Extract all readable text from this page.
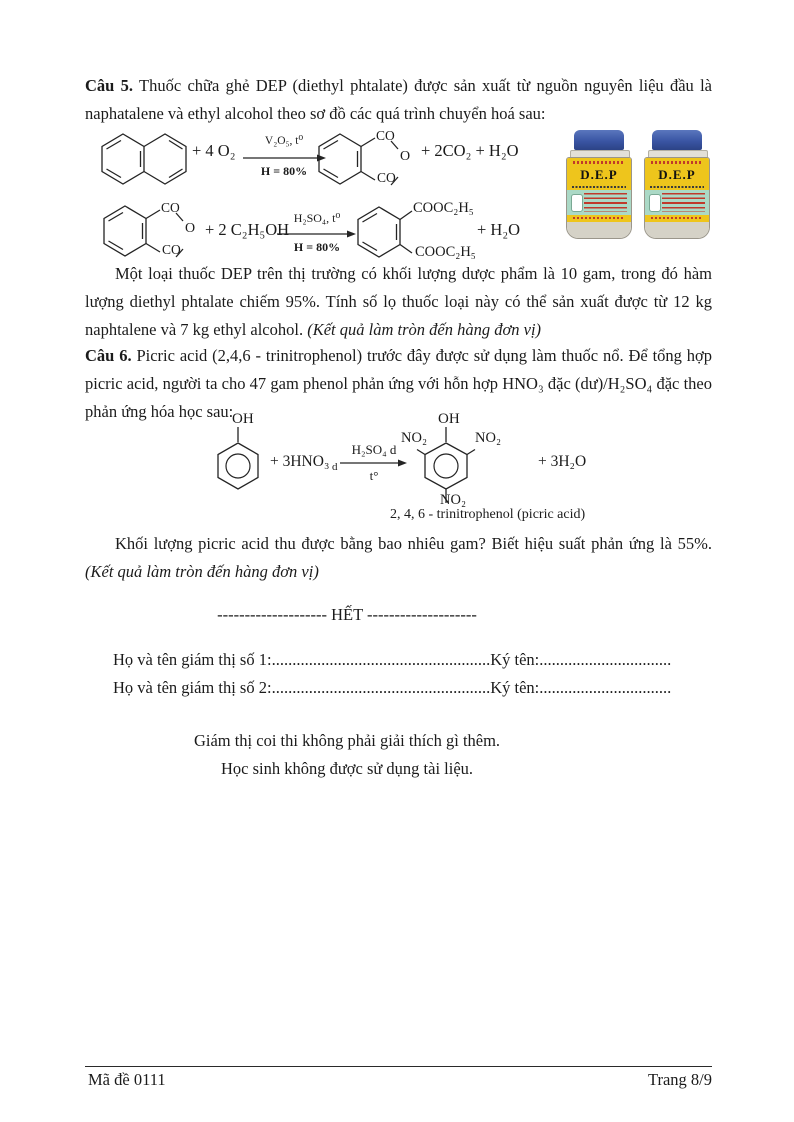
Câu 5. Thuốc chữa ghẻ DEP (diethyl phtalate) được sản xuất từ nguồn nguyên liệu đầu là naphatalene và ethyl alcohol theo sơ đồ các quá trình chuyển hoá sau:
+ 4 O₂	V₂O₅, t⁰
H = 80%
CO
O
CO
+ 2CO₂ + H₂O
D.E.P	D.E.P
CO
O
CO
+ 2 C₂H₅OH
H₂SO₄, t⁰
H = 80%
COOC₂H₅
COOC₂H₅
+ H₂O
Một loại thuốc DEP trên thị trường có khối lượng dược phẩm là 10 gam, trong đó hàm lượng diethyl phtalate chiếm 95%. Tính số lọ thuốc loại này có thể sản xuất được từ 12 kg naphtalene và 7 kg ethyl alcohol. (Kết quả làm tròn đến hàng đơn vị)
Câu 6. Picric acid (2,4,6 - trinitrophenol) trước đây được sử dụng làm thuốc nổ. Để tổng hợp picric acid, người ta cho 47 gam phenol phản ứng với hỗn hợp HNO₃ đặc (dư)/H₂SO₄ đặc theo phản ứng hóa học sau:
OH
+ 3HNO₃ d
H₂SO₄ d
t°
OH
NO₂	NO₂
NO₂
+ 3H₂O
2, 4, 6 - trinitrophenol (picric acid)
Khối lượng picric acid thu được bằng bao nhiêu gam? Biết hiệu suất phản ứng là 55%. (Kết quả làm tròn đến hàng đơn vị)
-------------------- HẾT --------------------
Họ và tên giám thị số 1:.....................................................Ký tên:................................
Họ và tên giám thị số 2:.....................................................Ký tên:................................
Giám thị coi thi không phải giải thích gì thêm.
Học sinh không được sử dụng tài liệu.
Mã đề 0111	Trang 8/9
